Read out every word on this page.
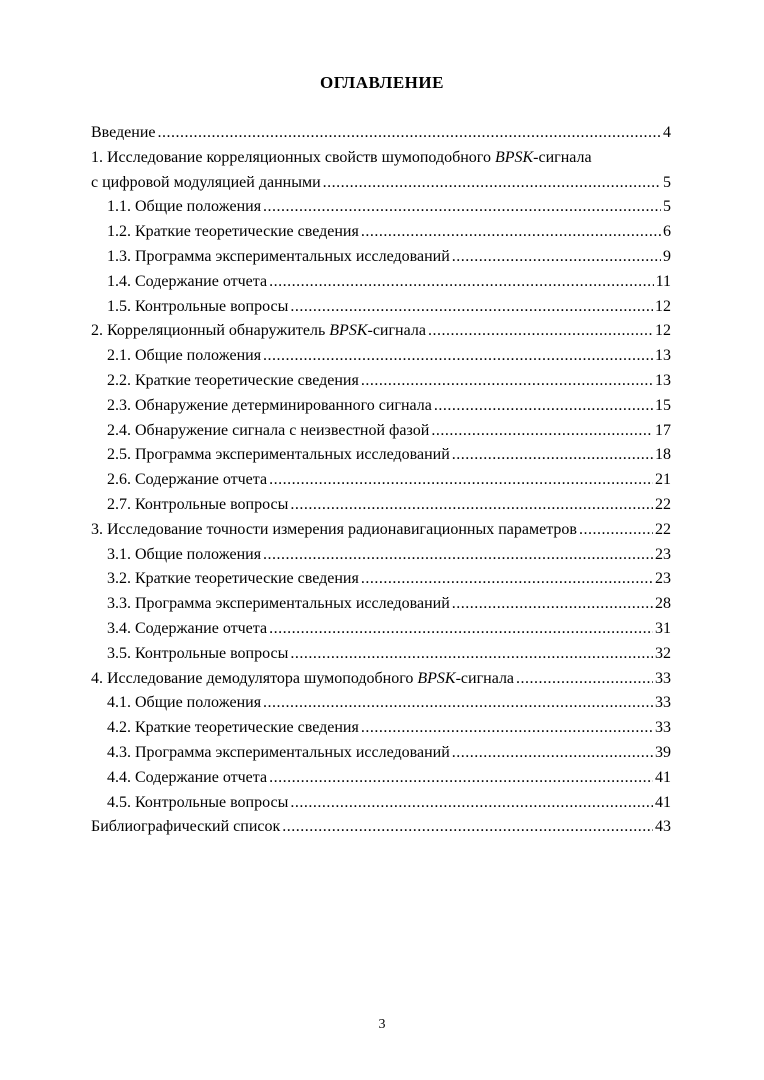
ОГЛАВЛЕНИЕ
Введение .....	4
1. Исследование корреляционных свойств шумоподобного BPSK-сигнала
с цифровой модуляцией данными .....	5
1.1. Общие положения .....	5
1.2. Краткие теоретические сведения .....	6
1.3. Программа экспериментальных исследований .....	9
1.4. Содержание отчета .....	11
1.5. Контрольные вопросы .....	12
2. Корреляционный обнаружитель BPSK-сигнала .....	12
2.1. Общие положения .....	13
2.2. Краткие теоретические сведения .....	13
2.3. Обнаружение детерминированного сигнала .....	15
2.4. Обнаружение сигнала с неизвестной фазой .....	17
2.5. Программа экспериментальных исследований .....	18
2.6. Содержание отчета .....	21
2.7. Контрольные вопросы .....	22
3. Исследование точности измерения радионавигационных параметров .....	22
3.1. Общие положения .....	23
3.2. Краткие теоретические сведения .....	23
3.3. Программа экспериментальных исследований .....	28
3.4. Содержание отчета .....	31
3.5. Контрольные вопросы .....	32
4. Исследование демодулятора шумоподобного BPSK-сигнала .....	33
4.1. Общие положения .....	33
4.2. Краткие теоретические сведения .....	33
4.3. Программа экспериментальных исследований .....	39
4.4. Содержание отчета .....	41
4.5. Контрольные вопросы .....	41
Библиографический список .....	43
3
